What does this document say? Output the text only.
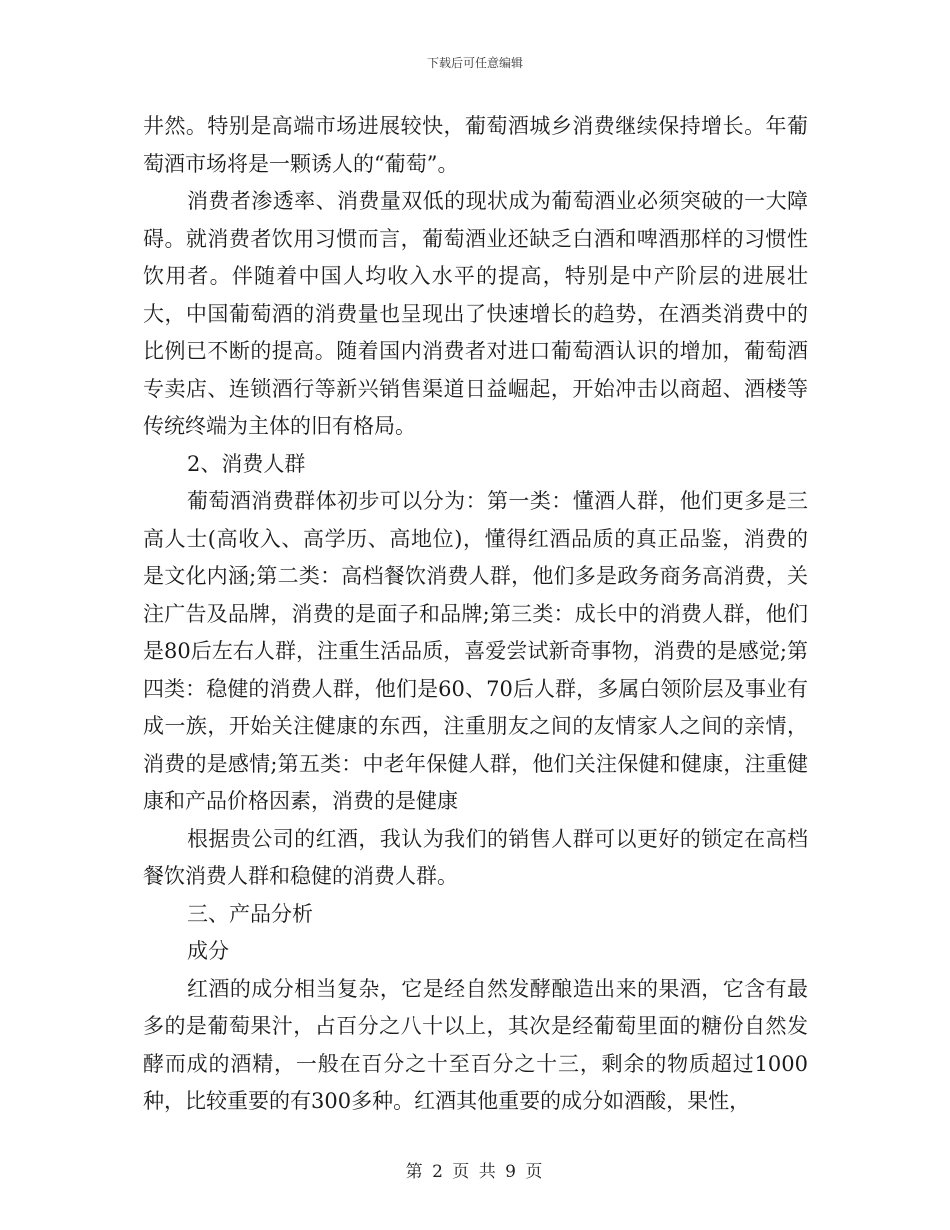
下载后可任意编辑

井然。特别是高端市场进展较快，葡萄酒城乡消费继续保持增长。年葡萄酒市场将是一颗诱人的“葡萄”。

消费者渗透率、消费量双低的现状成为葡萄酒业必须突破的一大障碍。就消费者饮用习惯而言，葡萄酒业还缺乏白酒和啤酒那样的习惯性饮用者。伴随着中国人均收入水平的提高，特别是中产阶层的进展壮大，中国葡萄酒的消费量也呈现出了快速增长的趋势，在酒类消费中的比例已不断的提高。随着国内消费者对进口葡萄酒认识的增加，葡萄酒专卖店、连锁酒行等新兴销售渠道日益崛起，开始冲击以商超、酒楼等传统终端为主体的旧有格局。

2、消费人群

葡萄酒消费群体初步可以分为：第一类：懂酒人群，他们更多是三高人士(高收入、高学历、高地位)，懂得红酒品质的真正品鉴，消费的是文化内涵;第二类：高档餐饮消费人群，他们多是政务商务高消费，关注广告及品牌，消费的是面子和品牌;第三类：成长中的消费人群，他们是80后左右人群，注重生活品质，喜爱尝试新奇事物，消费的是感觉;第四类：稳健的消费人群，他们是60、70后人群，多属白领阶层及事业有成一族，开始关注健康的东西，注重朋友之间的友情家人之间的亲情，消费的是感情;第五类：中老年保健人群，他们关注保健和健康，注重健康和产品价格因素，消费的是健康

根据贵公司的红酒，我认为我们的销售人群可以更好的锁定在高档餐饮消费人群和稳健的消费人群。

三、产品分析

成分

红酒的成分相当复杂，它是经自然发酵酿造出来的果酒，它含有最多的是葡萄果汁，占百分之八十以上，其次是经葡萄里面的糖份自然发酵而成的酒精，一般在百分之十至百分之十三，剩余的物质超过1000种，比较重要的有300多种。红酒其他重要的成分如酒酸，果性，

第 2 页 共 9 页
